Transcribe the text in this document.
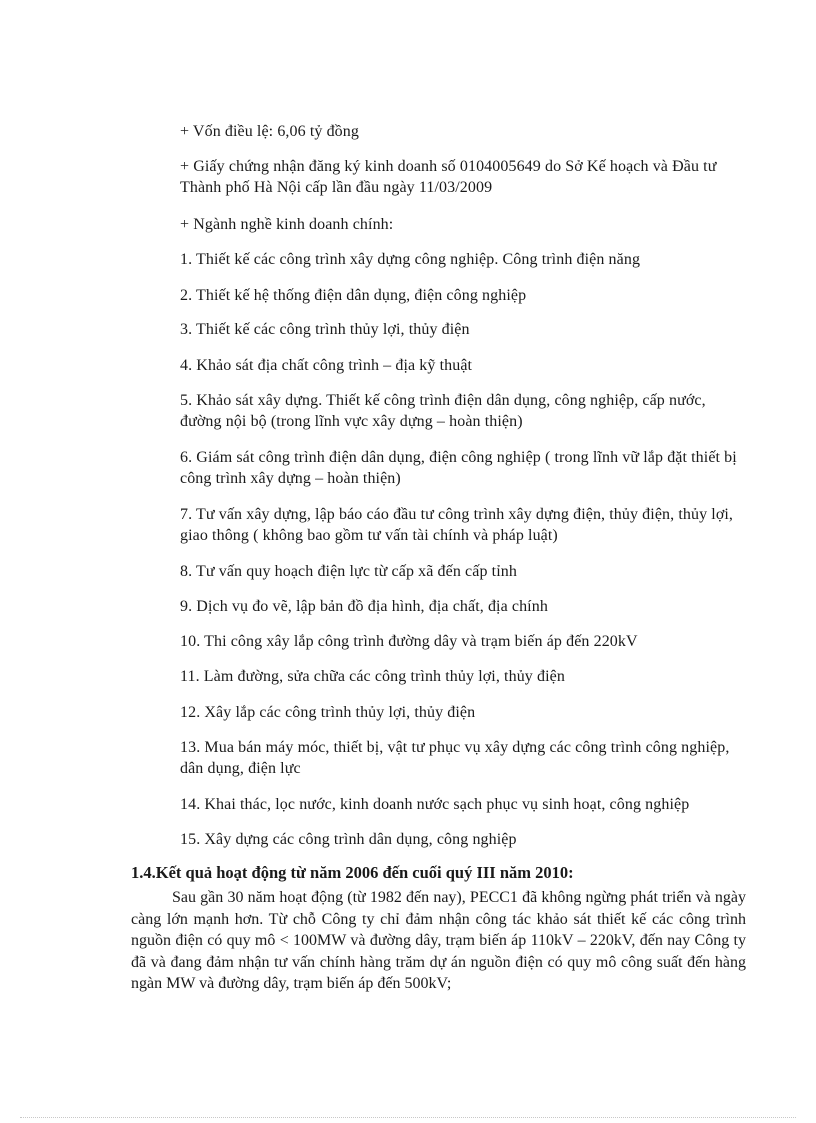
+ Vốn điều lệ: 6,06 tỷ đồng

+ Giấy chứng nhận đăng ký kinh doanh số 0104005649 do Sở Kế hoạch và Đầu tư Thành phố Hà Nội cấp lần đầu ngày 11/03/2009

+ Ngành nghề kinh doanh chính:

1. Thiết kế các công trình xây dựng công nghiệp. Công trình điện năng

2. Thiết kế hệ thống điện dân dụng, điện công nghiệp

3. Thiết kế các công trình thủy lợi, thủy điện

4. Khảo sát địa chất công trình – địa kỹ thuật

5. Khảo sát xây dựng. Thiết kế công trình điện dân dụng, công nghiệp, cấp nước, đường nội bộ (trong lĩnh vực xây dựng – hoàn thiện)

6. Giám sát công trình điện dân dụng, điện công nghiệp ( trong lĩnh vữ lắp đặt thiết bị công trình xây dựng – hoàn thiện)

7. Tư vấn xây dựng, lập báo cáo đầu tư công trình xây dựng điện, thủy điện, thủy lợi, giao thông ( không bao gồm tư vấn tài chính và pháp luật)

8. Tư vấn quy hoạch điện lực từ cấp xã đến cấp tỉnh

9. Dịch vụ đo vẽ, lập bản đồ địa hình, địa chất, địa chính

10. Thi công xây lắp công trình đường dây và trạm biến áp đến 220kV

11. Làm đường, sửa chữa các công trình thủy lợi, thủy điện

12. Xây lắp các công trình thủy lợi, thủy điện

13. Mua bán máy móc, thiết bị, vật tư phục vụ xây dựng các công trình công nghiệp, dân dụng, điện lực

14. Khai thác, lọc nước, kinh doanh nước sạch phục vụ sinh hoạt, công nghiệp

15. Xây dựng các công trình dân dụng, công nghiệp

1.4.Kết quả hoạt động từ năm 2006 đến cuối quý III năm 2010:

Sau gần 30 năm hoạt động (từ 1982 đến nay), PECC1 đã không ngừng phát triển và ngày càng lớn mạnh hơn. Từ chỗ Công ty chỉ đảm nhận công tác khảo sát thiết kế các công trình nguồn điện có quy mô < 100MW và đường dây, trạm biến áp 110kV – 220kV, đến nay Công ty đã và đang đảm nhận tư vấn chính hàng trăm dự án nguồn điện có quy mô công suất đến hàng ngàn MW và đường dây, trạm biến áp đến 500kV;
